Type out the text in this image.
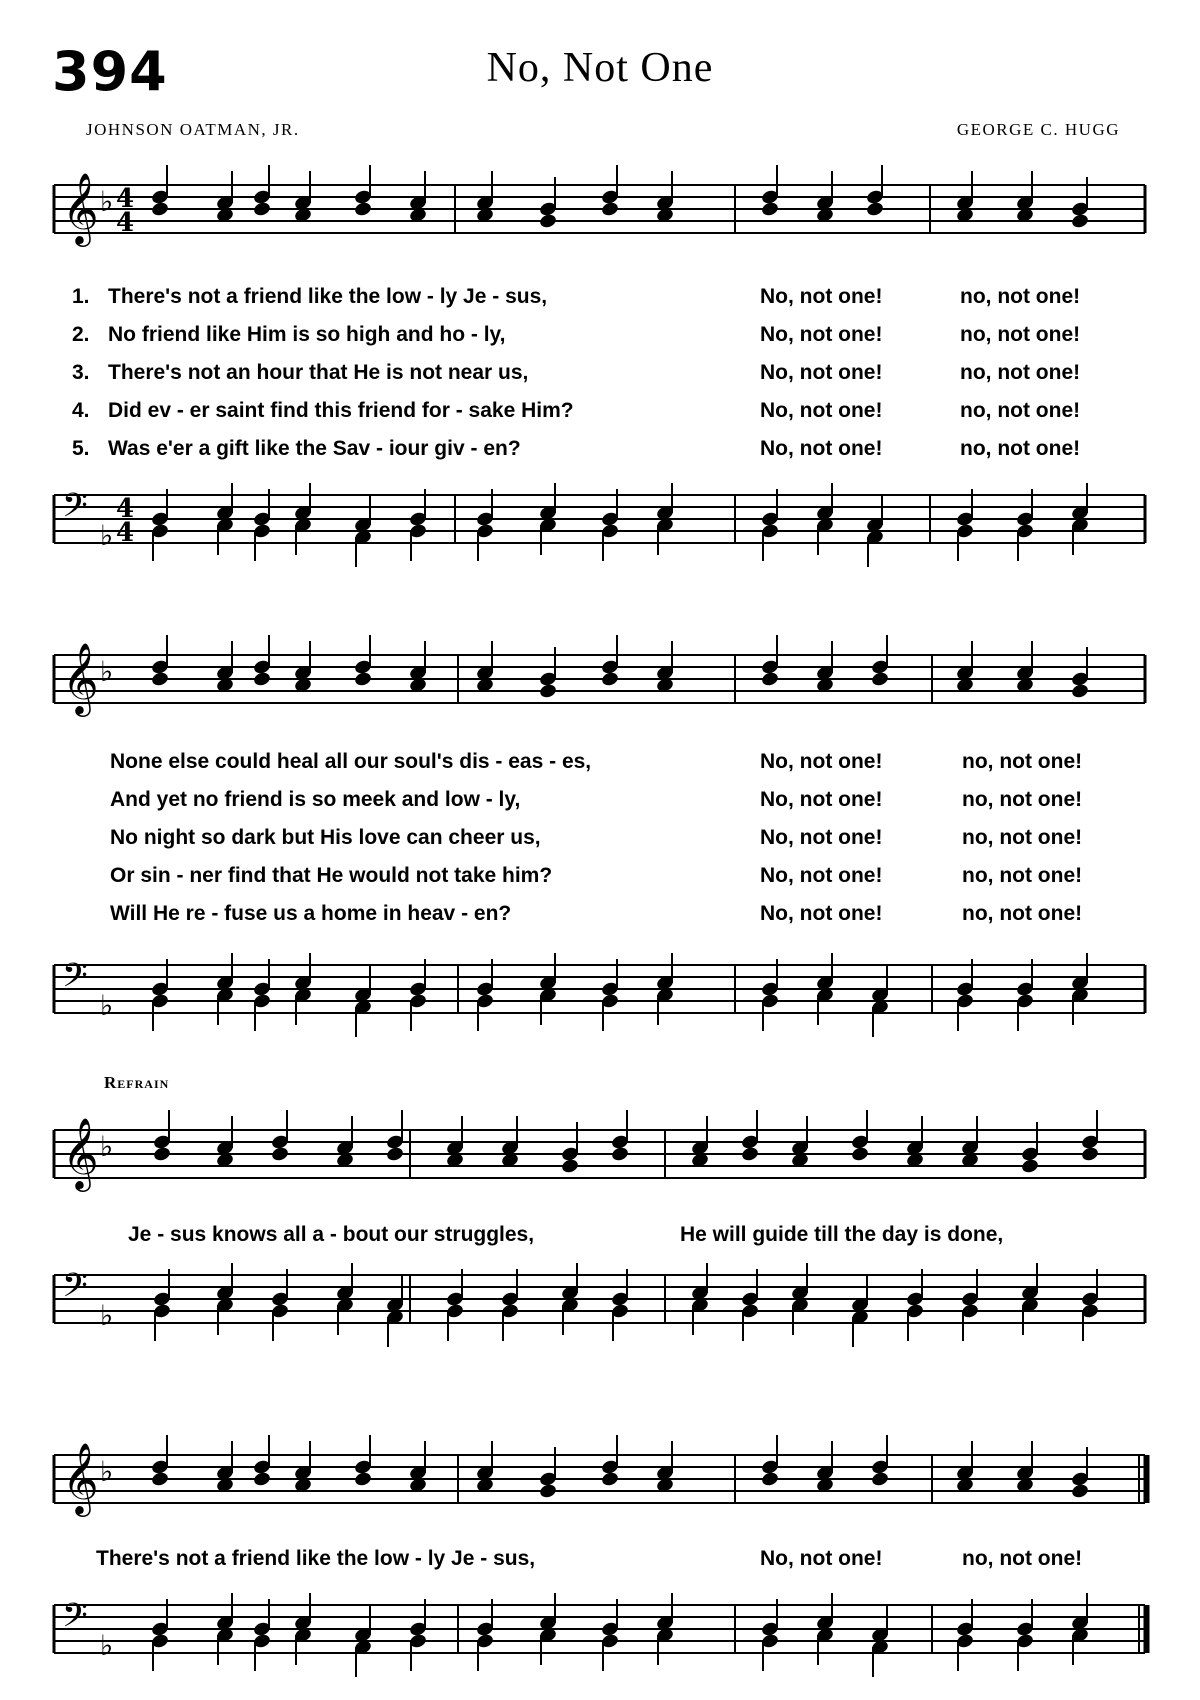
394	No, Not One
JOHNSON OATMAN, JR.	GEORGE C. HUGG
Refrain
𝄞 ♭ 4
4
1. There's not a friend like the low - ly Je - sus,	No, not one!	no, not one!
2. No friend like Him is so high and ho - ly,	No, not one!	no, not one!
3. There's not an hour that He is not near us,	No, not one!	no, not one!
4. Did ev - er saint find this friend for - sake Him?	No, not one!	no, not one!
5. Was e'er a gift like the Sav - iour giv - en?	No, not one!	no, not one!
𝄢
♭
4
4
𝄞 ♭
None else could heal all our soul's dis - eas - es,	No, not one!	no, not one!
And yet no friend is so meek and low - ly,	No, not one!	no, not one!
No night so dark but His love can cheer us,	No, not one!	no, not one!
Or sin - ner find that He would not take him?	No, not one!	no, not one!
Will He re - fuse us a home in heav - en?	No, not one!	no, not one!
𝄢
♭
𝄞 ♭
Je - sus knows all a - bout our struggles,	He will guide till the day is done,
𝄢
♭
𝄞 ♭
There's not a friend like the low - ly Je - sus,	No, not one!	no, not one!
𝄢
♭
